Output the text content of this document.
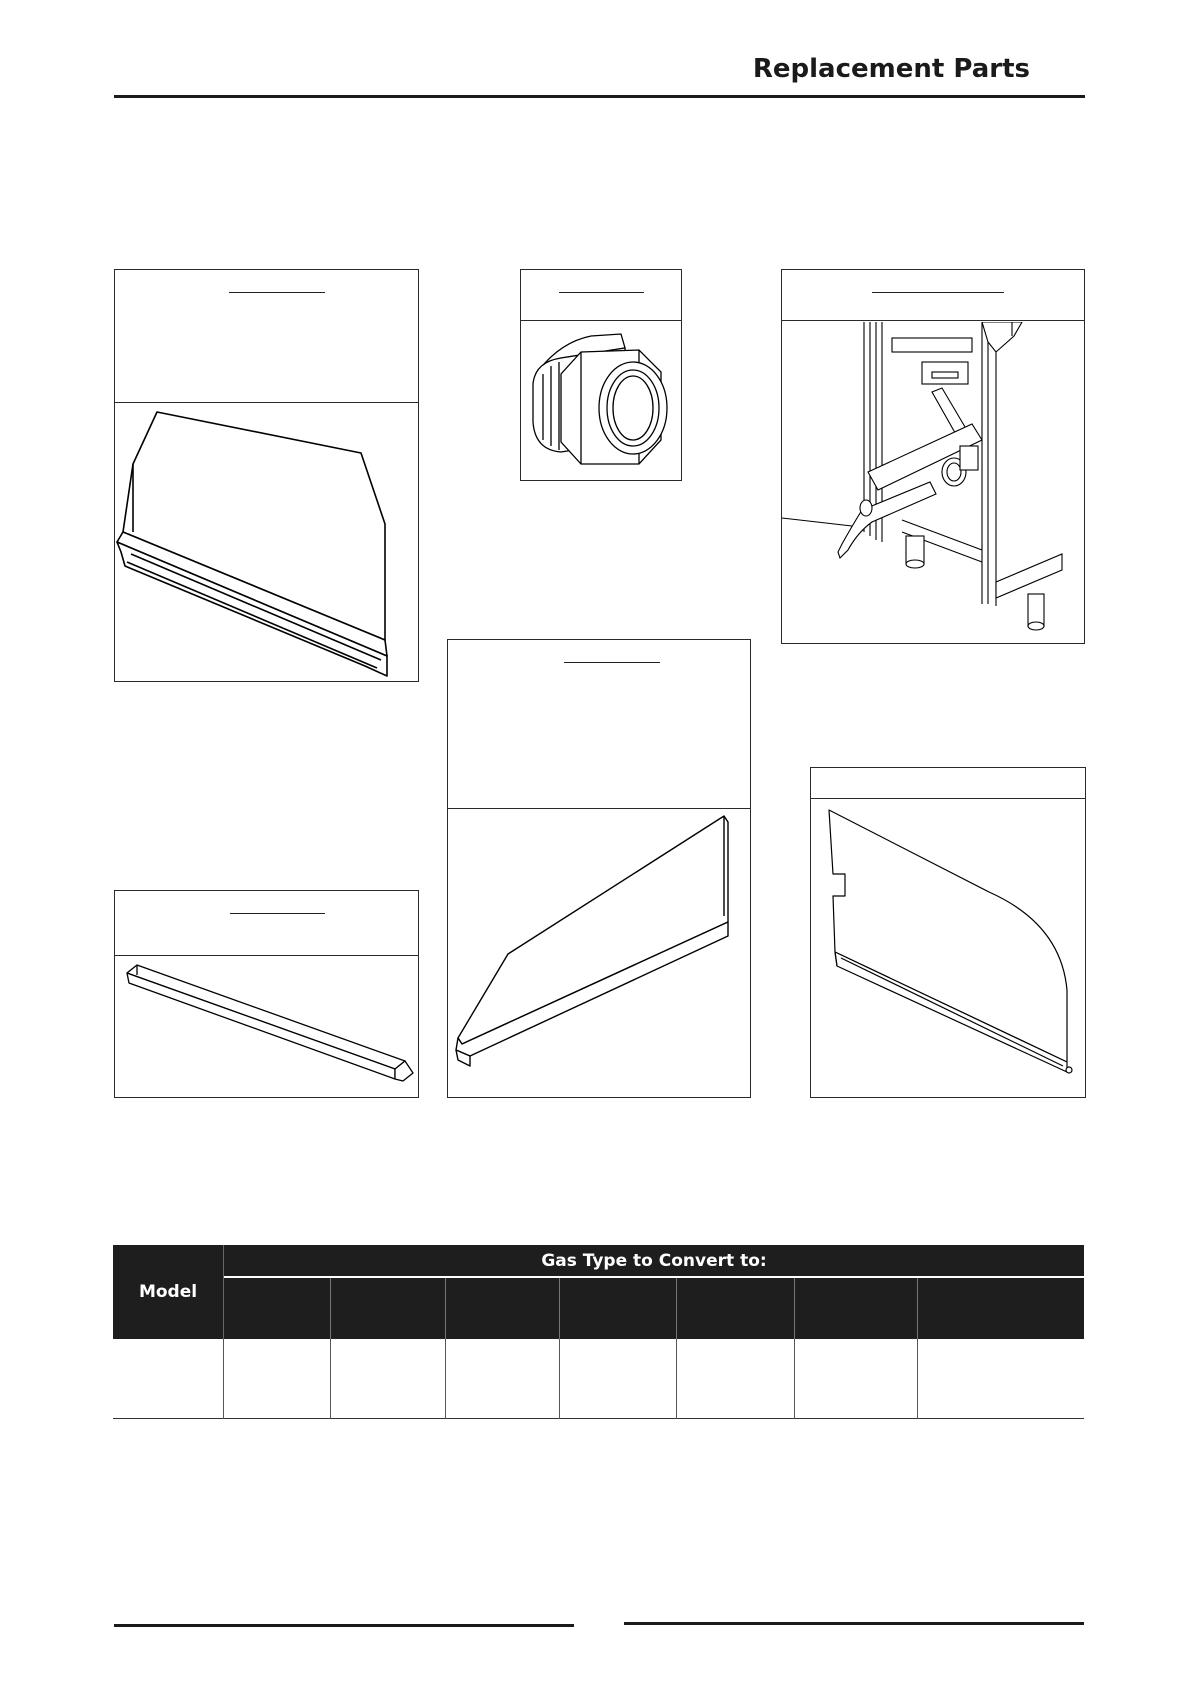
Replacement Parts
Model
Gas Type to Convert to:
